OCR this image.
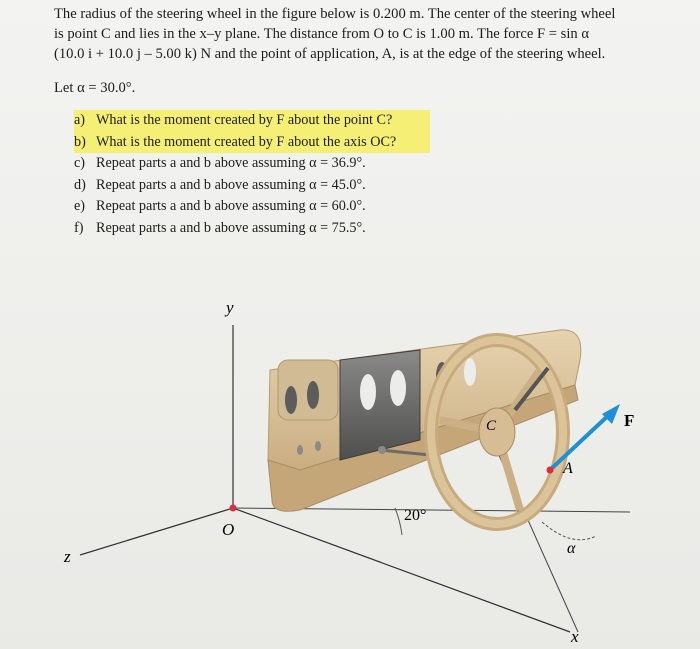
The radius of the steering wheel in the figure below is 0.200 m. The center of the steering wheel

is point C and lies in the x–y plane. The distance from O to C is 1.00 m. The force F = sin α

(10.0 i + 10.0 j – 5.00 k) N and the point of application, A, is at the edge of the steering wheel.

Let α = 30.0°.
a) What is the moment created by F about the point C?
b) What is the moment created by F about the axis OC?
c) Repeat parts a and b above assuming α = 36.9°.
d) Repeat parts a and b above assuming α = 45.0°.
e) Repeat parts a and b above assuming α = 60.0°.
f) Repeat parts a and b above assuming α = 75.5°.
y
z
x
O
C
A
F
20°
α
